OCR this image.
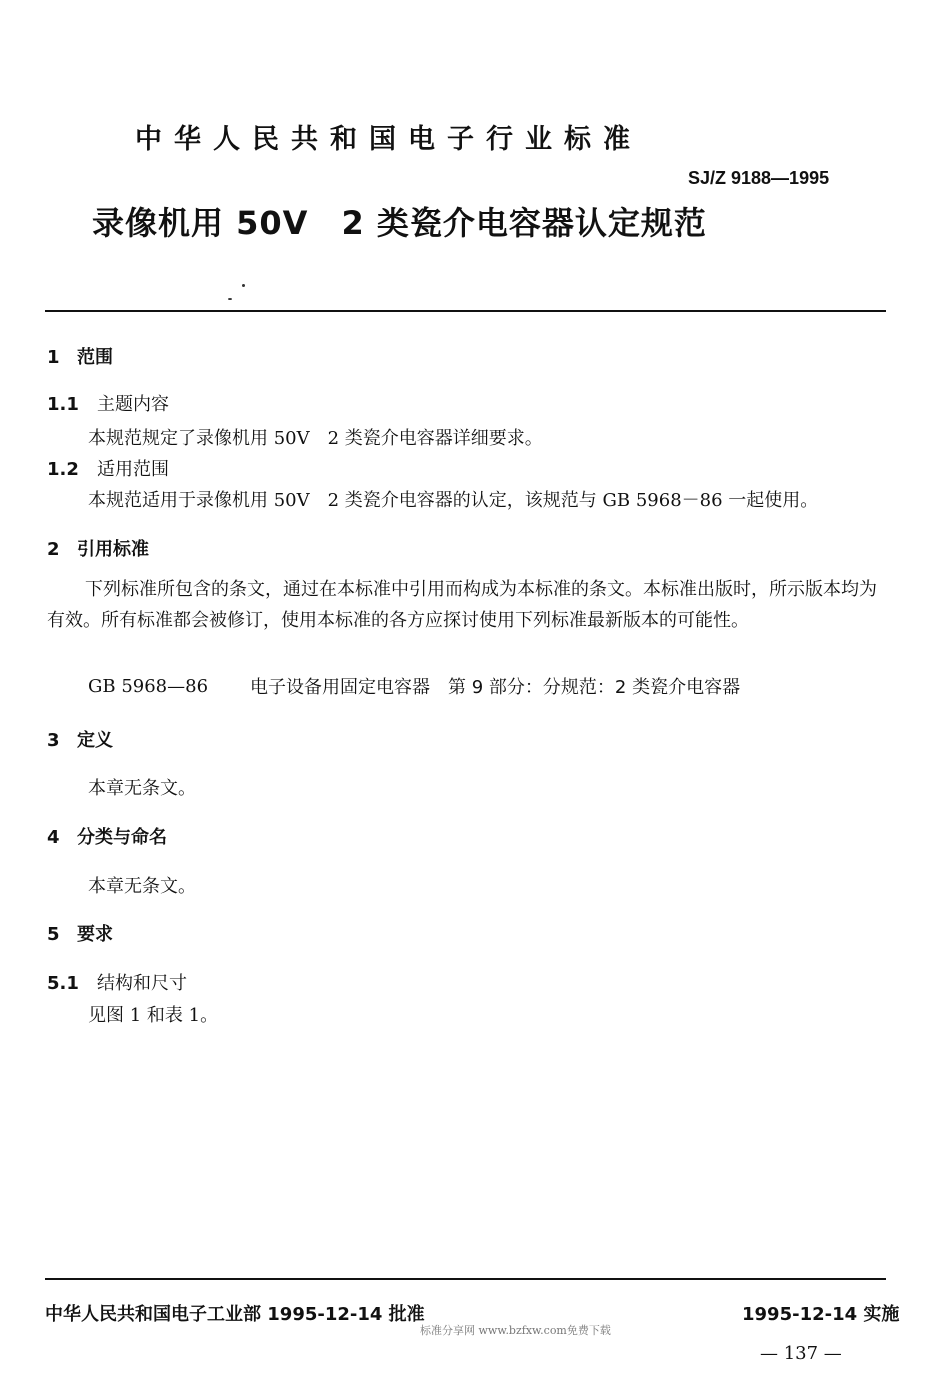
中华人民共和国电子行业标准
SJ/Z 9188—1995
录像机用 50V　2 类瓷介电容器认定规范
1 范围
1.1 主题内容
本规范规定了录像机用 50V　2 类瓷介电容器详细要求。
1.2 适用范围
本规范适用于录像机用 50V　2 类瓷介电容器的认定，该规范与 GB 5968－86 一起使用。
2 引用标准
下列标准所包含的条文，通过在本标准中引用而构成为本标准的条文。本标准出版时，所示版本均为有效。所有标准都会被修订，使用本标准的各方应探讨使用下列标准最新版本的可能性。
GB 5968—86 电子设备用固定电容器　第 9 部分：分规范：2 类瓷介电容器
3 定义
本章无条文。
4 分类与命名
本章无条文。
5 要求
5.1 结构和尺寸
见图 1 和表 1。
中华人民共和国电子工业部 1995-12-14 批准	1995-12-14 实施
标准分享网 www.bzfxw.com免费下载
— 137 —
